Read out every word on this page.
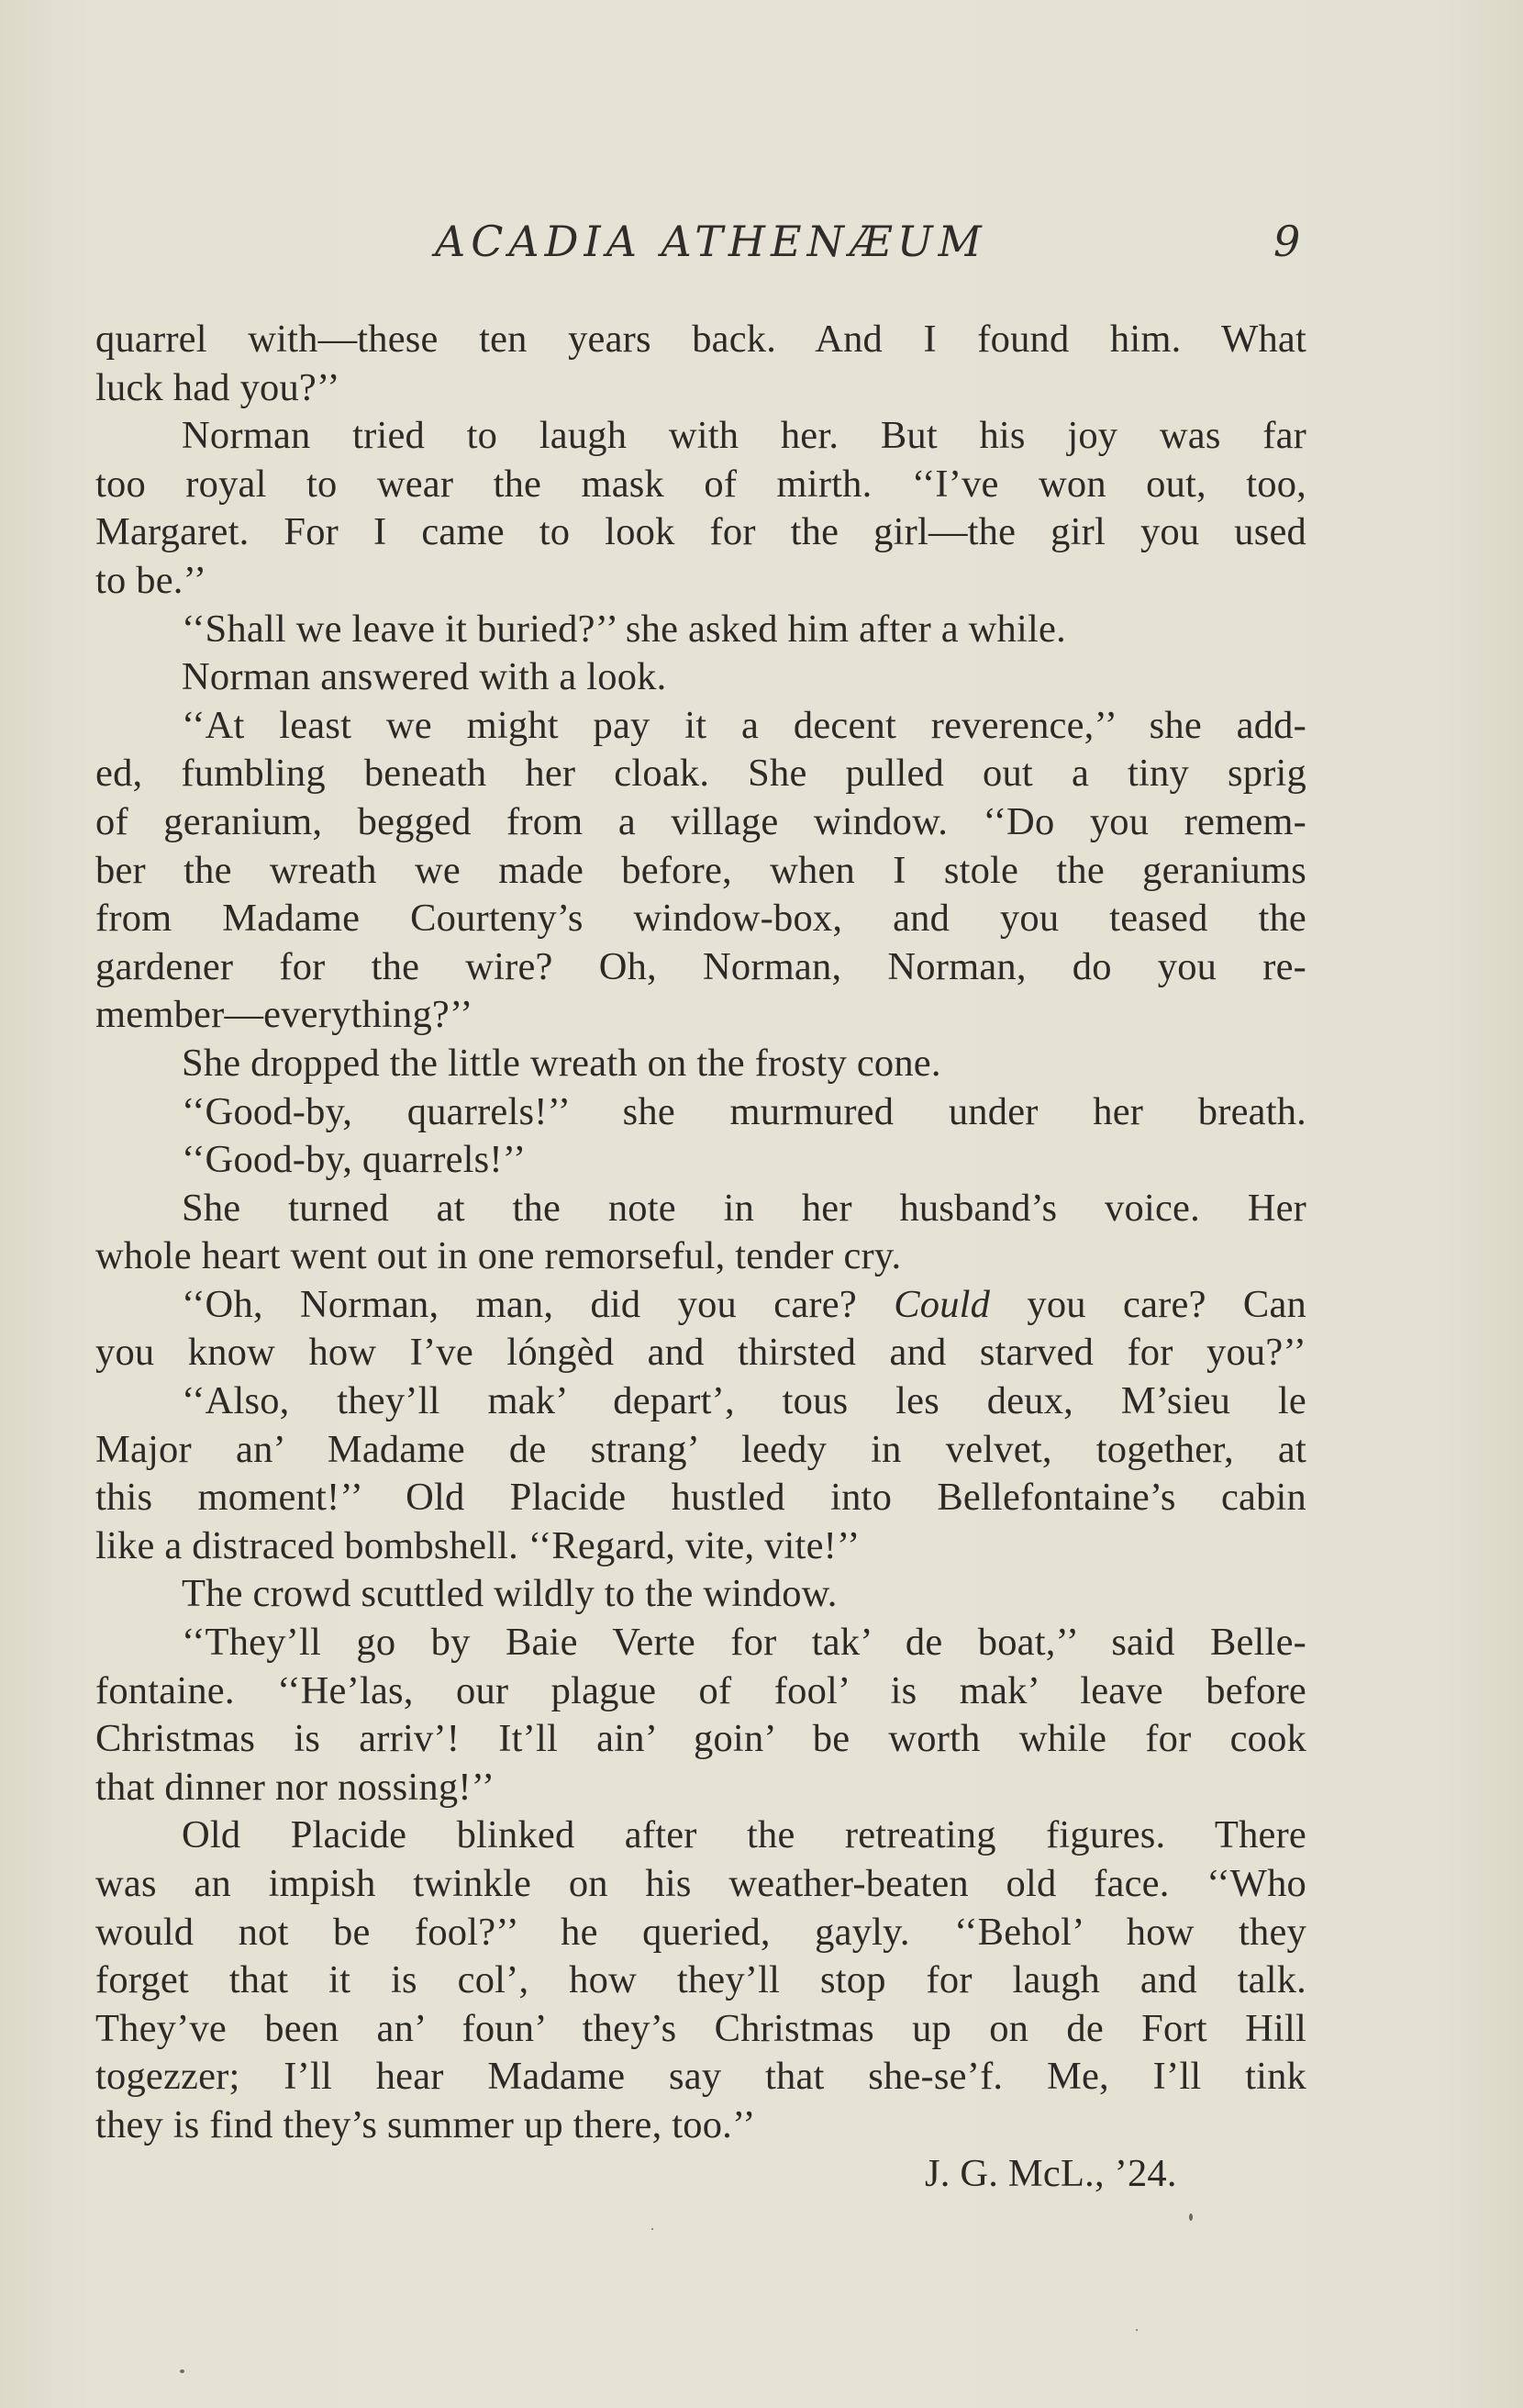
ACADIA ATHENÆUM	9
quarrel with—these ten years back. And I found him. What
luck had you?’’
Norman tried to laugh with her. But his joy was far
too royal to wear the mask of mirth. ‘‘I’ve won out, too,
Margaret. For I came to look for the girl—the girl you used
to be.’’
‘‘Shall we leave it buried?’’ she asked him after a while.
Norman answered with a look.
‘‘At least we might pay it a decent reverence,’’ she add-
ed, fumbling beneath her cloak. She pulled out a tiny sprig
of geranium, begged from a village window. ‘‘Do you remem-
ber the wreath we made before, when I stole the geraniums
from Madame Courteny’s window-box, and you teased the
gardener for the wire? Oh, Norman, Norman, do you re-
member—everything?’’
She dropped the little wreath on the frosty cone.
‘‘Good-by, quarrels!’’ she murmured under her breath.
‘‘Good-by, quarrels!’’
She turned at the note in her husband’s voice. Her
whole heart went out in one remorseful, tender cry.
‘‘Oh, Norman, man, did you care? Could you care? Can
you know how I’ve lóngèd and thirsted and starved for you?’’
‘‘Also, they’ll mak’ depart’, tous les deux, M’sieu le
Major an’ Madame de strang’ leedy in velvet, together, at
this moment!’’ Old Placide hustled into Bellefontaine’s cabin
like a distraced bombshell. ‘‘Regard, vite, vite!’’
The crowd scuttled wildly to the window.
‘‘They’ll go by Baie Verte for tak’ de boat,’’ said Belle-
fontaine. ‘‘He’las, our plague of fool’ is mak’ leave before
Christmas is arriv’! It’ll ain’ goin’ be worth while for cook
that dinner nor nossing!’’
Old Placide blinked after the retreating figures. There
was an impish twinkle on his weather-beaten old face. ‘‘Who
would not be fool?’’ he queried, gayly. ‘‘Behol’ how they
forget that it is col’, how they’ll stop for laugh and talk.
They’ve been an’ foun’ they’s Christmas up on de Fort Hill
togezzer; I’ll hear Madame say that she-se’f. Me, I’ll tink
they is find they’s summer up there, too.’’
J. G. McL., ’24.
